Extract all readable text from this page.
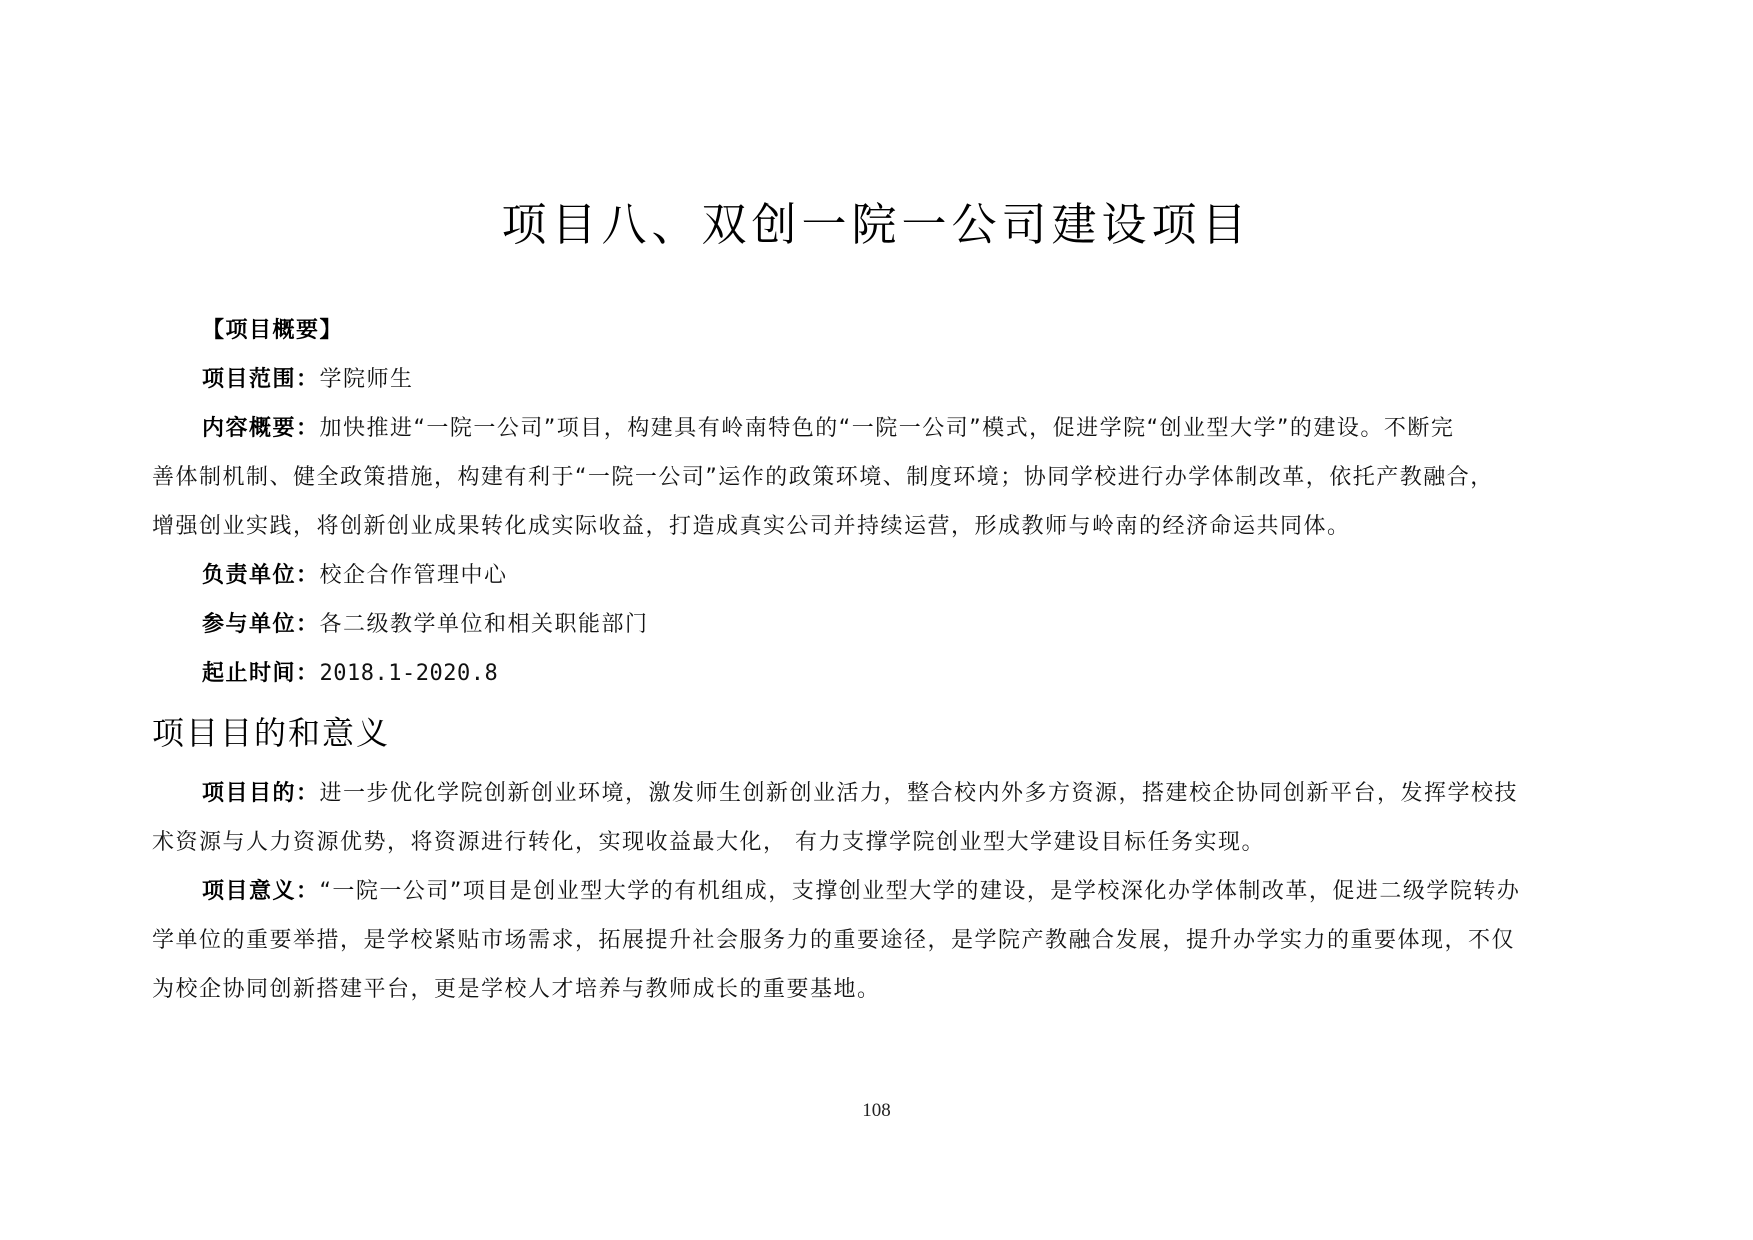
项目八、双创一院一公司建设项目
【项目概要】
项目范围：学院师生
内容概要：加快推进“一院一公司”项目，构建具有岭南特色的“一院一公司”模式，促进学院“创业型大学”的建设。不断完
善体制机制、健全政策措施，构建有利于“一院一公司”运作的政策环境、制度环境；协同学校进行办学体制改革，依托产教融合，
增强创业实践，将创新创业成果转化成实际收益，打造成真实公司并持续运营，形成教师与岭南的经济命运共同体。
负责单位：校企合作管理中心
参与单位：各二级教学单位和相关职能部门
起止时间：2018.1-2020.8
项目目的和意义
项目目的：进一步优化学院创新创业环境，激发师生创新创业活力，整合校内外多方资源，搭建校企协同创新平台，发挥学校技
术资源与人力资源优势，将资源进行转化，实现收益最大化， 有力支撑学院创业型大学建设目标任务实现。
项目意义：“一院一公司”项目是创业型大学的有机组成，支撑创业型大学的建设，是学校深化办学体制改革，促进二级学院转办
学单位的重要举措，是学校紧贴市场需求，拓展提升社会服务力的重要途径，是学院产教融合发展，提升办学实力的重要体现，不仅
为校企协同创新搭建平台，更是学校人才培养与教师成长的重要基地。
108
